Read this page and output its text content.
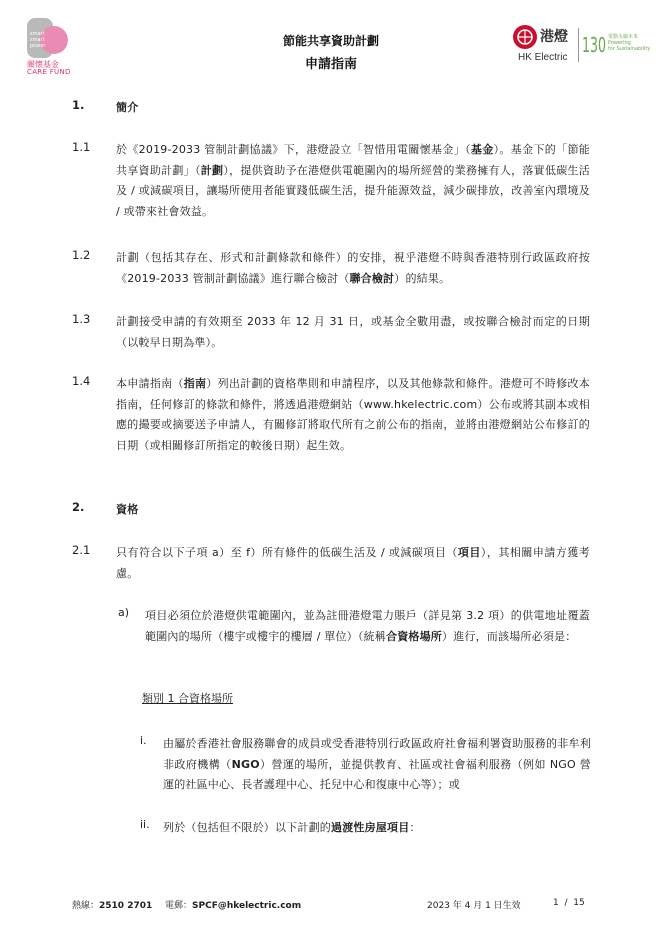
smart
smart
power
關懷基金
CARE FUND
節能共享資助計劃
申請指南
港燈
HK Electric
130 電動永續未來
Powering
for Sustainability
1.	簡介
1.1	於《2019-2033 管制計劃協議》下，港燈設立「智惜用電關懷基金」（基金）。基金下的「節能共享資助計劃」（計劃），提供資助予在港燈供電範圍內的場所經營的業務擁有人，落實低碳生活及 / 或減碳項目，讓場所使用者能實踐低碳生活，提升能源效益，減少碳排放，改善室內環境及 / 或帶來社會效益。
1.2	計劃（包括其存在、形式和計劃條款和條件）的安排，視乎港燈不時與香港特別行政區政府按《2019-2033 管制計劃協議》進行聯合檢討（聯合檢討）的結果。
1.3	計劃接受申請的有效期至 2033 年 12 月 31 日，或基金全數用盡，或按聯合檢討而定的日期（以較早日期為準）。
1.4	本申請指南（指南）列出計劃的資格準則和申請程序，以及其他條款和條件。港燈可不時修改本指南，任何修訂的條款和條件，將透過港燈網站（www.hkelectric.com）公布或將其副本或相應的撮要或摘要送予申請人，有關修訂將取代所有之前公布的指南，並將由港燈網站公布修訂的日期（或相關修訂所指定的較後日期）起生效。
2.	資格
2.1	只有符合以下子項 a）至 f）所有條件的低碳生活及 / 或減碳項目（項目），其相關申請方獲考慮。
a) 項目必須位於港燈供電範圍內，並為註冊港燈電力賬戶（詳見第 3.2 項）的供電地址覆蓋範圍內的場所（樓宇或樓宇的樓層 / 單位）（統稱合資格場所）進行，而該場所必須是：
類別 1 合資格場所
i. 由屬於香港社會服務聯會的成員或受香港特別行政區政府社會福利署資助服務的非牟利非政府機構（NGO）營運的場所，並提供教育、社區或社會福利服務（例如 NGO 營運的社區中心、長者護理中心、托兒中心和復康中心等）；或
ii. 列於（包括但不限於）以下計劃的過渡性房屋項目：
熱線：2510 2701 電郵：SPCF@hkelectric.com	2023 年 4 月 1 日生效	1 / 15
